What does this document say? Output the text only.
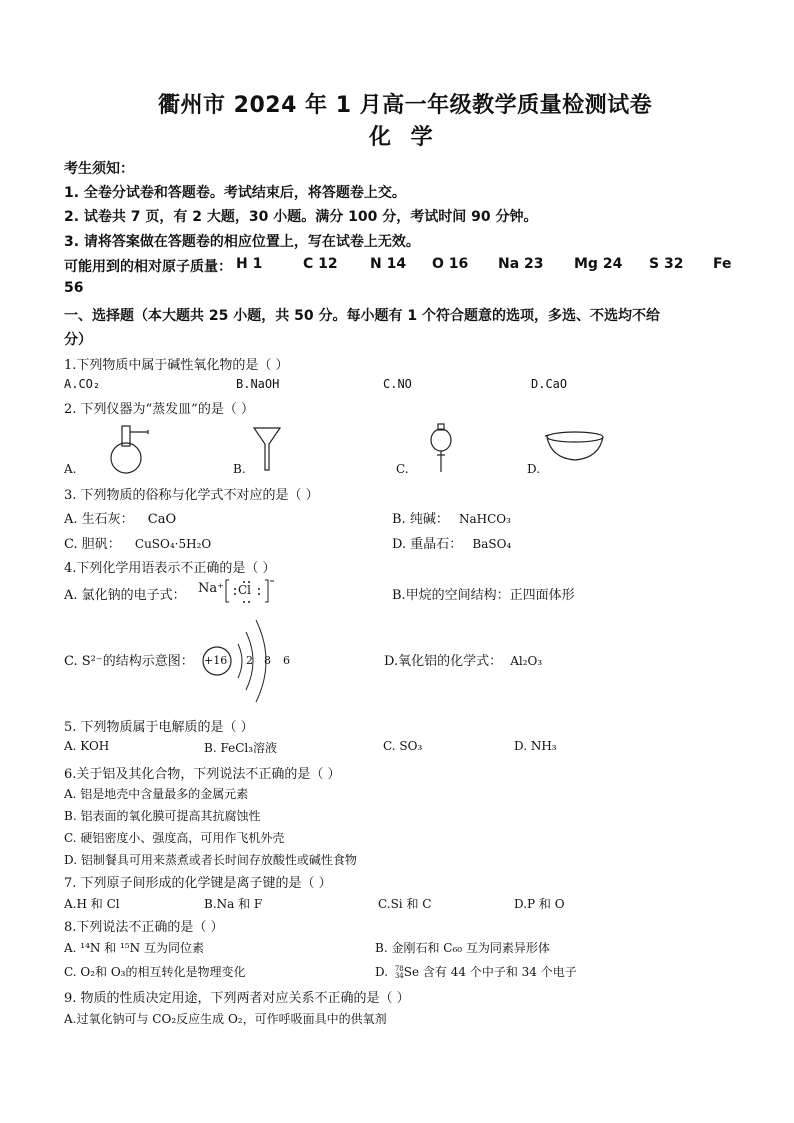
衢州市 2024 年 1 月高一年级教学质量检测试卷
化 学
考生须知：
1. 全卷分试卷和答题卷。考试结束后，将答题卷上交。
2. 试卷共 7 页，有 2 大题，30 小题。满分 100 分，考试时间 90 分钟。
3. 请将答案做在答题卷的相应位置上，写在试卷上无效。
可能用到的相对原子质量： H 1	C 12 N 14 O 16 Na 23 Mg 24 S 32 Fe
56
一、选择题（本大题共 25 小题，共 50 分。每小题有 1 个符合题意的选项，多选、不选均不给
分）
1.下列物质中属于碱性氧化物的是（ ）
A.CO₂	B.NaOH	C.NO	D.CaO
2. 下列仪器为“蒸发皿”的是（ ）
A.	B.	C.	D.
3. 下列物质的俗称与化学式不对应的是（ ）
A. 生石灰： CaO	B. 纯碱： NaHCO₃
C. 胆矾： CuSO₄·5H₂O	D. 重晶石： BaSO₄
4.下列化学用语表示不正确的是（ ）
A. 氯化钠的电子式： Na⁺ Cl	B.甲烷的空间结构：正四面体形
C. S²⁻的结构示意图： +16 2 8 6	D.氧化铝的化学式： Al₂O₃
5. 下列物质属于电解质的是（ ）
A. KOH	B. FeCl₃溶液	C. SO₃	D. NH₃
6.关于铝及其化合物，下列说法不正确的是（ ）
A. 铝是地壳中含量最多的金属元素
B. 铝表面的氧化膜可提高其抗腐蚀性
C. 硬铝密度小、强度高，可用作飞机外壳
D. 铝制餐具可用来蒸煮或者长时间存放酸性或碱性食物
7. 下列原子间形成的化学键是离子键的是（ ）
A.H 和 Cl	B.Na 和 F	C.Si 和 C	D.P 和 O
8.下列说法不正确的是（ ）
A. ¹⁴N 和 ¹⁵N 互为同位素	B. 金刚石和 C₆₀ 互为同素异形体
C. O₂和 O₃的相互转化是物理变化	D. 78
34 Se 含有 44 个中子和 34 个电子
9. 物质的性质决定用途，下列两者对应关系不正确的是（ ）
A.过氧化钠可与 CO₂反应生成 O₂，可作呼吸面具中的供氧剂
